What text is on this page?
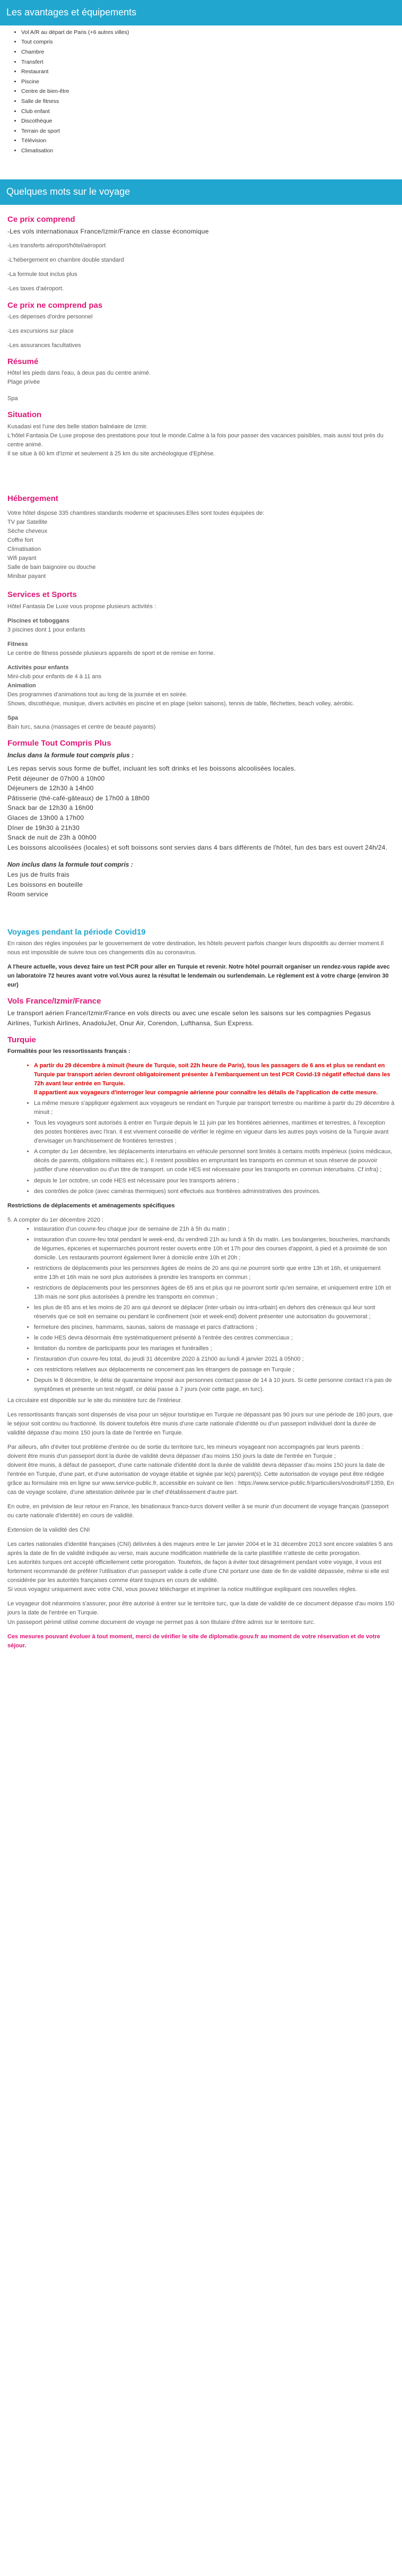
Les avantages et équipements
• Vol A/R au départ de Paris (+6 autres villes)
• Tout compris
• Chambre
• Transfert
• Restaurant
• Piscine
• Centre de bien-être
• Salle de fitness
• Club enfant
• Discothèque
• Terrain de sport
• Télévision
• Climatisation
Quelques mots sur le voyage
Ce prix comprend

-Les vols internationaux France/Izmir/France en classe économique

-Les transferts aéroport/hôtel/aéroport

-L'hébergement en chambre double standard

-La formule tout inclus plus

-Les taxes d'aéroport.

Ce prix ne comprend pas

-Les dépenses d'ordre personnel

-Les excursions sur place

-Les assurances facultatives

Résumé
Hôtel les pieds dans l'eau, à deux pas du centre animé.
Plage privée

Spa

Situation
Kusadasi est l'une des belle station balnéaire de Izmir.
L'hôtel Fantasia De Luxe propose des prestations pour tout le monde.Calme à la fois pour passer des vacances paisibles, mais aussi tout près du centre animé.
Il se situe à 60 km d'Izmir et seulement à 25 km du site archéologique d'Ephèse.
Hébergement
Votre hôtel dispose 335 chambres standards moderne et spacieuses.Elles sont toutes équipées de:
TV par Satellite
Sèche cheveux
Coffre fort
Climatisation
Wifi payant
Salle de bain baignoire ou douche
Minibar payant
Services et Sports

Hôtel Fantasia De Luxe vous propose plusieurs activités :

Piscines et toboggans

3 piscines dont 1 pour enfants

Fitness

Le centre de fitness possède plusieurs appareils de sport et de remise en forme.

Activités pour enfants
Mini-club pour enfants de 4 à 11 ans
Animation
Des programmes d'animations tout au long de la journée et en soirée.

Shows, discothèque, musique, divers activités en piscine et en plage (selon saisons), tennis de table, fléchettes, beach volley, aérobic.

Spa

Bain turc, sauna (massages et centre de beauté payants)

Formule Tout Compris Plus
Inclus dans la formule tout compris plus :
Les repas servis sous forme de buffet, incluant les soft drinks et les boissons alcoolisées locales.
Petit déjeuner de 07h00 à 10h00
Déjeuners de 12h30 à 14h00
Pâtisserie (thé-café-gâteaux) de 17h00 à 18h00
Snack bar de 12h30 à 16h00
Glaces de 13h00 à 17h00
Dîner de 19h30 à 21h30
Snack de nuit de 23h à 00h00

Les boissons alcoolisées (locales) et soft boissons sont servies dans 4 bars différents de l'hôtel, fun des bars est ouvert 24h/24.

Non inclus dans la formule tout compris :
Les jus de fruits frais
Les boissons en bouteille
Room service
Voyages pendant la période Covid19

En raison des règles imposées par le gouvernement de votre destination, les hôtels peuvent parfois changer leurs dispositifs au dernier moment.Il nous est impossible de suivre tous ces changements dûs au coronavirus.

A l'heure actuelle, vous devez faire un test PCR pour aller en Turquie et revenir. Notre hôtel pourrait organiser un rendez-vous rapide avec un laboratoire 72 heures avant votre vol.Vous aurez la résultat le lendemain ou surlendemain. Le règlement est à votre charge (environ 30 eur)

Vols France/Izmir/France

Le transport aérien France/Izmir/France en vols directs ou avec une escale selon les saisons sur les compagnies Pegasus Airlines, Turkish Airlines, AnadoluJet, Onur Air, Corendon, Lufthansa, Sun Express.

Turquie

Formalités pour les ressortissants français :

• A partir du 29 décembre à minuit (heure de Turquie, soit 22h heure de Paris), tous les passagers de 6 ans et plus se rendant en Turquie par transport aérien devront obligatoirement présenter à l'embarquement un test PCR Covid-19 négatif effectué dans les 72h avant leur entrée en Turquie.
Il appartient aux voyageurs d'interroger leur compagnie aérienne pour connaître les détails de l'application de cette mesure.
• La même mesure s'appliquer également aux voyageurs se rendant en Turquie par transport terrestre ou maritime à partir du 29 décembre à minuit ;
• Tous les voyageurs sont autorisés à entrer en Turquie depuis le 11 juin par les frontières aériennes, maritimes et terrestres, à l'exception des postes frontières avec l'Iran. Il est vivement conseillé de vérifier le régime en vigueur dans les autres pays voisins de la Turquie avant d'envisager un franchissement de frontières terrestres ;
• A compter du 1er décembre, les déplacements interurbains en véhicule personnel sont limités à certains motifs impérieux (soins médicaux, décès de parents, obligations militaires etc.). Il restent possibles en empruntant les transports en commun et sous réserve de pouvoir justifier d'une réservation ou d'un titre de transport. un code HES est nécessaire pour les transports en commun interurbains. Cf infra) ;
• depuis le 1er octobre, un code HES est nécessaire pour les transports aériens ;
• des contrôles de police (avec caméras thermiques) sont effectués aux frontières administratives des provinces.

Restrictions de déplacements et aménagements spécifiques

5. A compter du 1er décembre 2020 :
• instauration d'un couvre-feu chaque jour de semaine de 21h à 5h du matin ;
• instauration d'un couvre-feu total pendant le week-end, du vendredi 21h au lundi à 5h du matin. Les boulangeries, boucheries, marchands de légumes, épiceries et supermarchés pourront rester ouverts entre 10h et 17h pour des courses d'appoint, à pied et à proximité de son domicile. Les restaurants pourront également livrer à domicile entre 10h et 20h ;
• restrictions de déplacements pour les personnes âgées de moins de 20 ans qui ne pourront sortir que entre 13h et 16h, et uniquement entre 13h et 16h mais ne sont plus autorisées à prendre les transports en commun ;
• restrictions de déplacements pour les personnes âgées de 65 ans et plus qui ne pourront sortir qu'en semaine, et uniquement entre 10h et 13h mais ne sont plus autorisées à prendre les transports en commun ;
• les plus de 65 ans et les moins de 20 ans qui devront se déplacer (inter-urbain ou intra-urbain) en dehors des créneaux qui leur sont réservés que ce soit en semaine ou pendant le confinement (soir et week-end) doivent présenter une autorisation du gouvernorat ;
• fermeture des piscines, hammams, saunas, salons de massage et parcs d'attractions ;
• le code HES devra désormais être systématiquement présenté à l'entrée des centres commerciaux ;
• limitation du nombre de participants pour les mariages et funérailles ;
• l'instauration d'un couvre-feu total, du jeudi 31 décembre 2020 à 21h00 au lundi 4 janvier 2021 à 05h00 ;
• ces restrictions relatives aux déplacements ne concernent pas les étrangers de passage en Turquie ;
• Depuis le 8 décembre, le délai de quarantaine imposé aux personnes contact passe de 14 à 10 jours. Si cette personne contact n'a pas de symptômes et présente un test négatif, ce délai passe à 7 jours (voir cette page, en turc).

La circulaire est disponible sur le site du ministère turc de l'intérieur.

Les ressortissants français sont dispensés de visa pour un séjour touristique en Turquie ne dépassant pas 90 jours sur une période de 180 jours, que le séjour soit continu ou fractionné. Ils doivent toutefois être munis d'une carte nationale d'identité ou d'un passeport individuel dont la durée de validité dépasse d'au moins 150 jours la date de l'entrée en Turquie.

Par ailleurs, afin d'éviter tout problème d'entrée ou de sortie du territoire turc, les mineurs voyageant non accompagnés par leurs parents :
doivent être munis d'un passeport dont la durée de validité devra dépasser d'au moins 150 jours la date de l'entrée en Turquie ;

doivent être munis, à défaut de passeport, d'une carte nationale d'identité dont la durée de validité devra dépasser d'au moins 150 jours la date de l'entrée en Turquie, d'une part, et d'une autorisation de voyage établie et signée par le(s) parent(s). Cette autorisation de voyage peut être rédigée grâce au formulaire mis en ligne sur www.service-public.fr, accessible en suivant ce lien : https://www.service-public.fr/particuliers/vosdroits/F1359, En cas de voyage scolaire, d'une attestation délivrée par le chef d'établissement d'autre part.

En outre, en prévision de leur retour en France, les binationaux franco-turcs doivent veiller à se munir d'un document de voyage français (passeport ou carte nationale d'identité) en cours de validité.

Extension de la validité des CNI

Les cartes nationales d'identité françaises (CNI) délivrées à des majeurs entre le 1er janvier 2004 et le 31 décembre 2013 sont encore valables 5 ans après la date de fin de validité indiquée au verso, mais aucune modification matérielle de la carte plastifiée n'atteste de cette prorogation.
Les autorités turques ont accepté officiellement cette prorogation. Toutefois, de façon à éviter tout désagrément pendant votre voyage, il vous est fortement recommandé de préférer l'utilisation d'un passeport valide à celle d'une CNI portant une date de fin de validité dépassée, même si elle est considérée par les autorités françaises comme étant toujours en cours de validité.

Si vous voyagez uniquement avec votre CNI, vous pouvez télécharger et imprimer la notice multilingue expliquant ces nouvelles règles.

Le voyageur doit néanmoins s'assurer, pour être autorisé à entrer sur le territoire turc, que la date de validité de ce document dépasse d'au moins 150 jours la date de l'entrée en Turquie.

Un passeport périmé utilisé comme document de voyage ne permet pas à son titulaire d'être admis sur le territoire turc.

Ces mesures pouvant évoluer à tout moment, merci de vérifier le site de diplomatie.gouv.fr au moment de votre réservation et de votre séjour.
